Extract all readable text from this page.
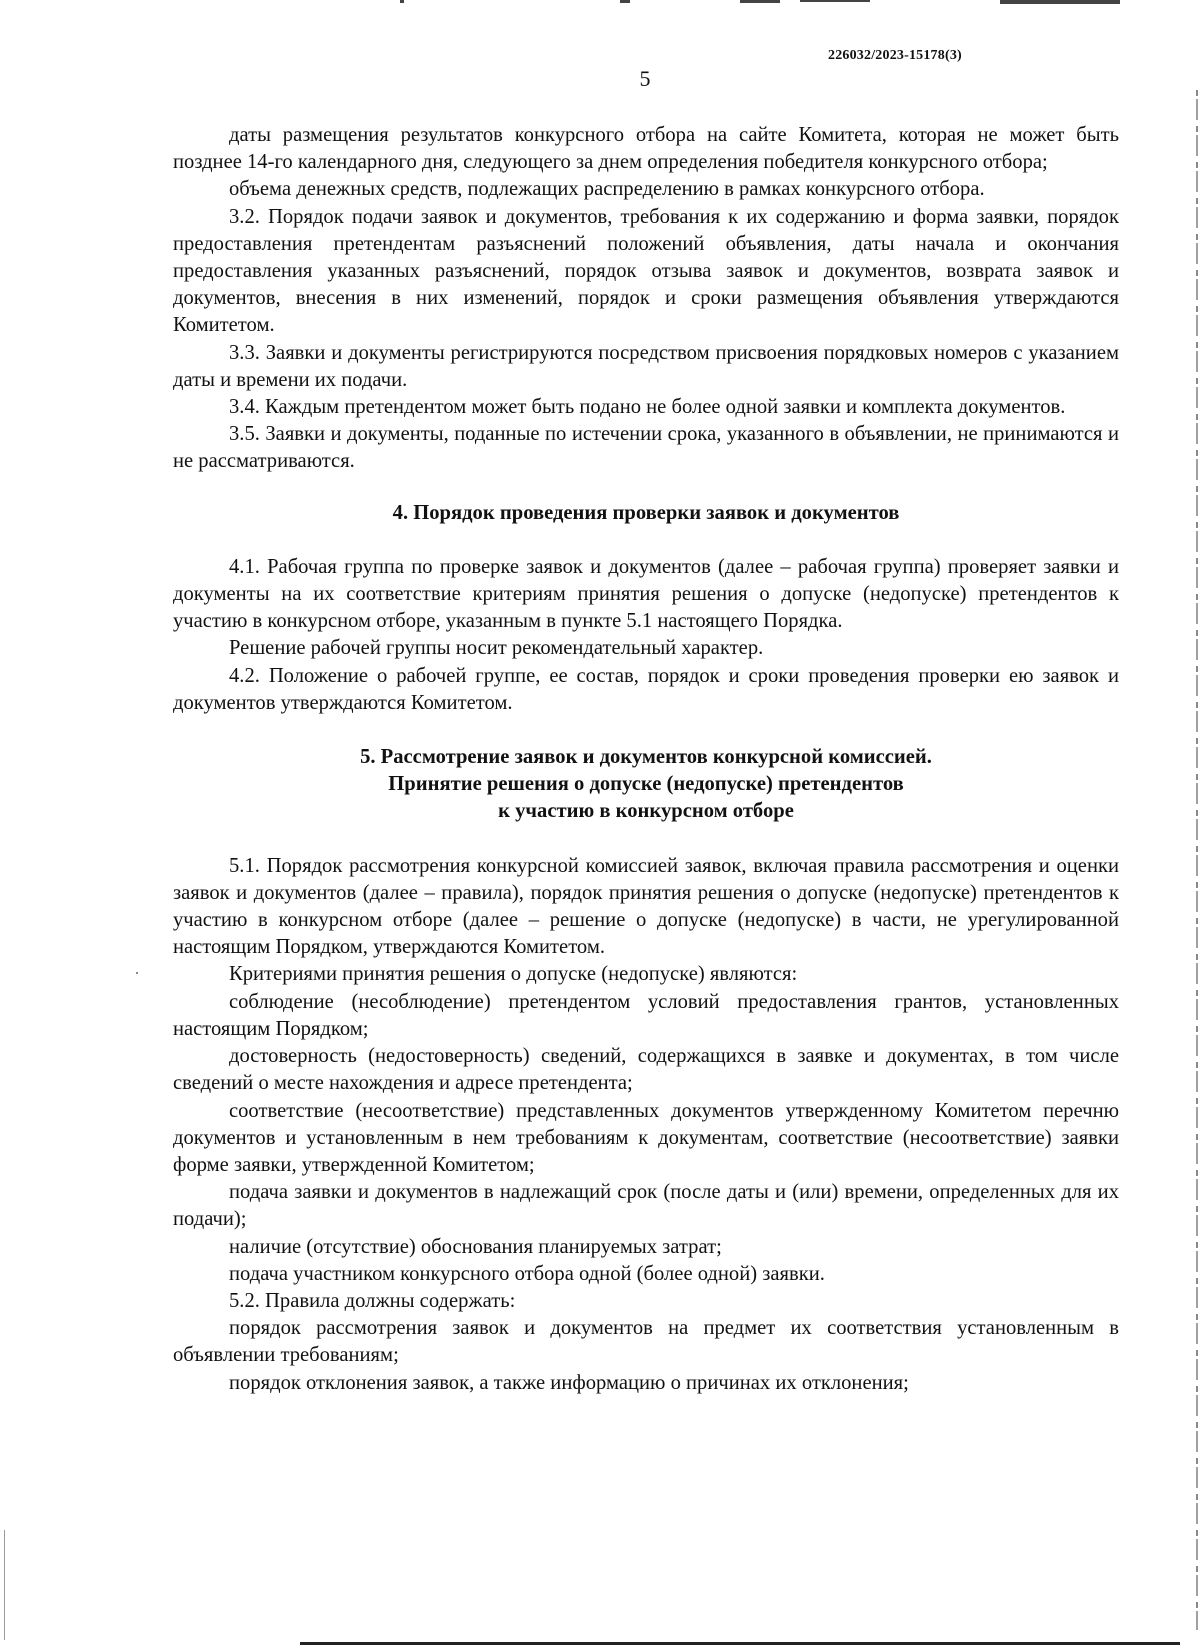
226032/2023-15178(3)
5

даты размещения результатов конкурсного отбора на сайте Комитета, которая не может быть позднее 14-го календарного дня, следующего за днем определения победителя конкурсного отбора;

объема денежных средств, подлежащих распределению в рамках конкурсного отбора.

3.2. Порядок подачи заявок и документов, требования к их содержанию и форма заявки, порядок предоставления претендентам разъяснений положений объявления, даты начала и окончания предоставления указанных разъяснений, порядок отзыва заявок и документов, возврата заявок и документов, внесения в них изменений, порядок и сроки размещения объявления утверждаются Комитетом.

3.3. Заявки и документы регистрируются посредством присвоения порядковых номеров с указанием даты и времени их подачи.

3.4. Каждым претендентом может быть подано не более одной заявки и комплекта документов.

3.5. Заявки и документы, поданные по истечении срока, указанного в объявлении, не принимаются и не рассматриваются.

4. Порядок проведения проверки заявок и документов

4.1. Рабочая группа по проверке заявок и документов (далее – рабочая группа) проверяет заявки и документы на их соответствие критериям принятия решения о допуске (недопуске) претендентов к участию в конкурсном отборе, указанным в пункте 5.1 настоящего Порядка.

Решение рабочей группы носит рекомендательный характер.

4.2. Положение о рабочей группе, ее состав, порядок и сроки проведения проверки ею заявок и документов утверждаются Комитетом.

5. Рассмотрение заявок и документов конкурсной комиссией.

Принятие решения о допуске (недопуске) претендентов

к участию в конкурсном отборе

5.1. Порядок рассмотрения конкурсной комиссией заявок, включая правила рассмотрения и оценки заявок и документов (далее – правила), порядок принятия решения о допуске (недопуске) претендентов к участию в конкурсном отборе (далее – решение о допуске (недопуске) в части, не урегулированной настоящим Порядком, утверждаются Комитетом.

Критериями принятия решения о допуске (недопуске) являются:

соблюдение (несоблюдение) претендентом условий предоставления грантов, установленных настоящим Порядком;

достоверность (недостоверность) сведений, содержащихся в заявке и документах, в том числе сведений о месте нахождения и адресе претендента;

соответствие (несоответствие) представленных документов утвержденному Комитетом перечню документов и установленным в нем требованиям к документам, соответствие (несоответствие) заявки форме заявки, утвержденной Комитетом;

подача заявки и документов в надлежащий срок (после даты и (или) времени, определенных для их подачи);

наличие (отсутствие) обоснования планируемых затрат;

подача участником конкурсного отбора одной (более одной) заявки.

5.2. Правила должны содержать:

порядок рассмотрения заявок и документов на предмет их соответствия установленным в объявлении требованиям;

порядок отклонения заявок, а также информацию о причинах их отклонения;
